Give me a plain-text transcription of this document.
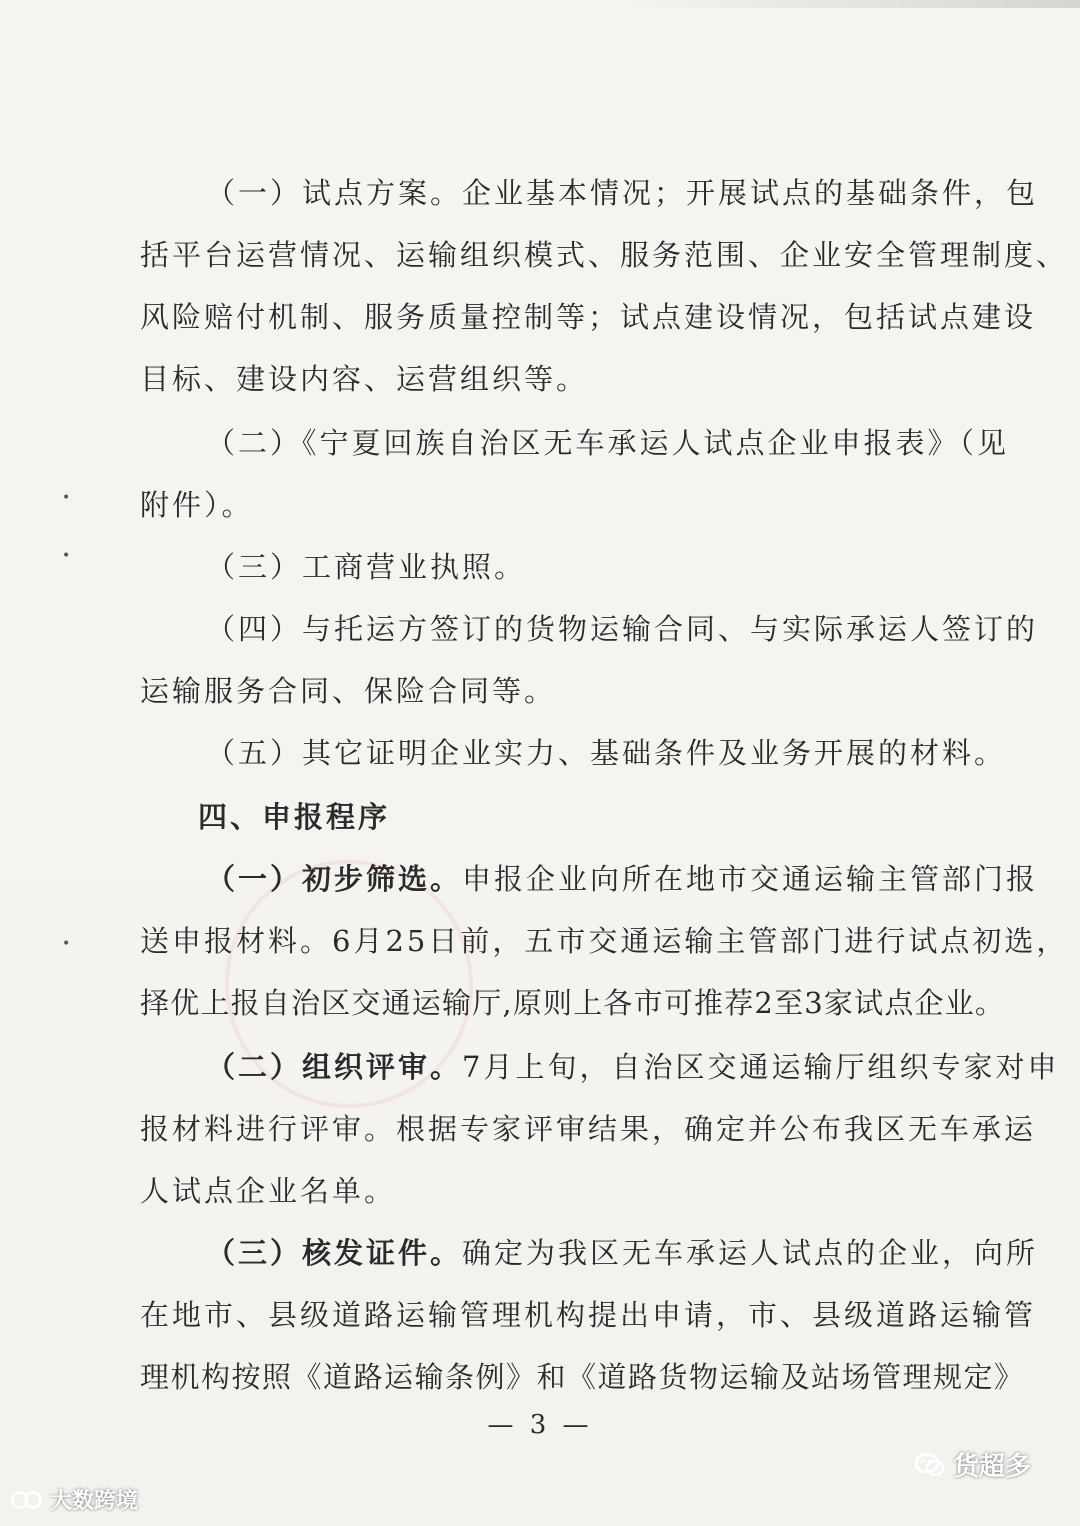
•
•
•
（一）试点方案。企业基本情况；开展试点的基础条件，包
括平台运营情况、运输组织模式、服务范围、企业安全管理制度、
风险赔付机制、服务质量控制等；试点建设情况，包括试点建设
目标、建设内容、运营组织等。
（二）《宁夏回族自治区无车承运人试点企业申报表》（见
附件）。
（三）工商营业执照。
（四）与托运方签订的货物运输合同、与实际承运人签订的
运输服务合同、保险合同等。
（五）其它证明企业实力、基础条件及业务开展的材料。
四、申报程序
（一）初步筛选。申报企业向所在地市交通运输主管部门报
送申报材料。6月25日前，五市交通运输主管部门进行试点初选，
择优上报自治区交通运输厅,原则上各市可推荐2至3家试点企业。
（二）组织评审。7月上旬，自治区交通运输厅组织专家对申
报材料进行评审。根据专家评审结果，确定并公布我区无车承运
人试点企业名单。
（三）核发证件。确定为我区无车承运人试点的企业，向所
在地市、县级道路运输管理机构提出申请，市、县级道路运输管
理机构按照《道路运输条例》和《道路货物运输及站场管理规定》
— 3 —
货超多
大数跨境
